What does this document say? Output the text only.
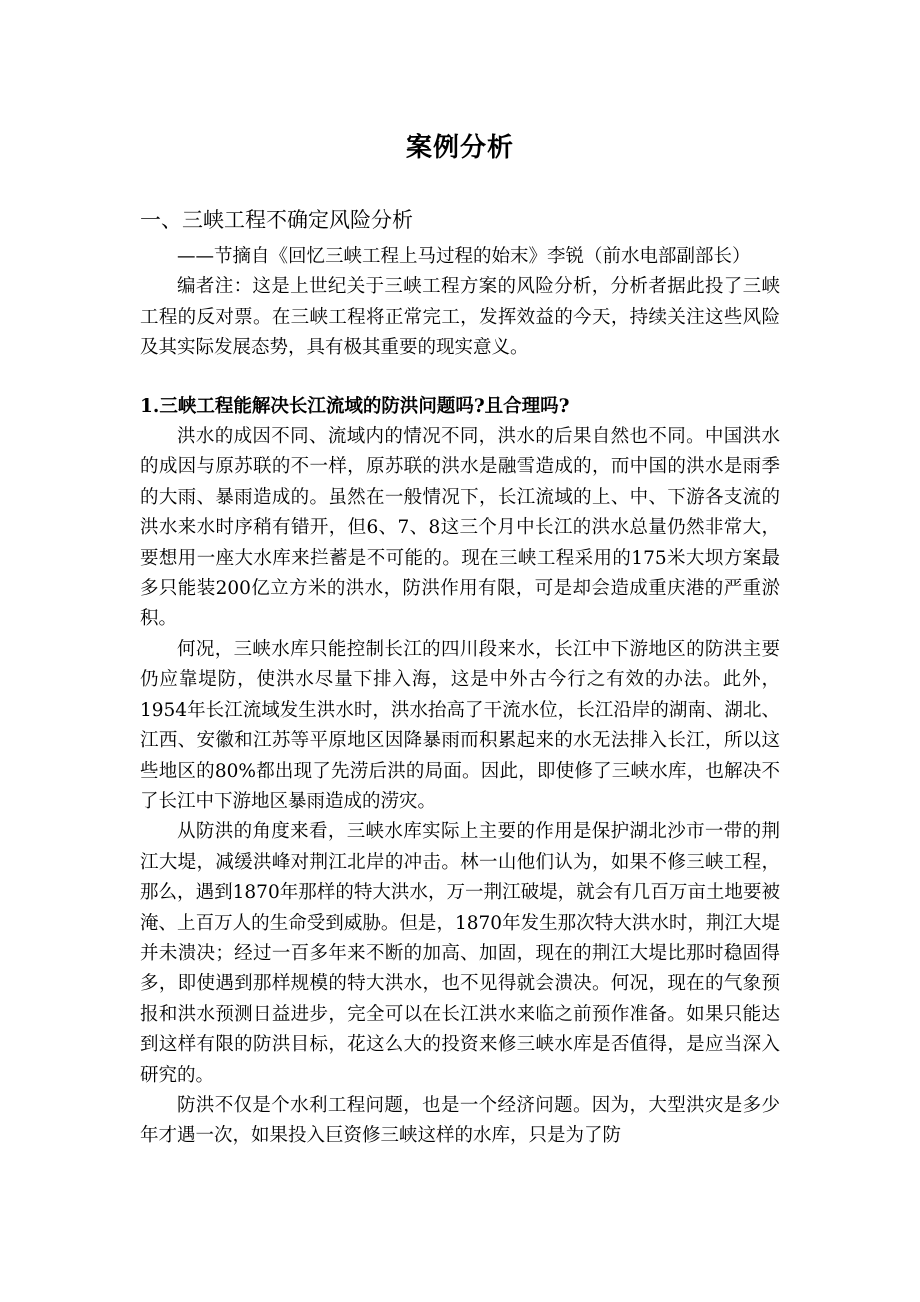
案例分析
一、三峡工程不确定风险分析

——节摘自《回忆三峡工程上马过程的始末》李锐（前水电部副部长）

编者注：这是上世纪关于三峡工程方案的风险分析，分析者据此投了三峡工程的反对票。在三峡工程将正常完工，发挥效益的今天，持续关注这些风险及其实际发展态势，具有极其重要的现实意义。

1.三峡工程能解决长江流域的防洪问题吗?且合理吗?

洪水的成因不同、流域内的情况不同，洪水的后果自然也不同。中国洪水的成因与原苏联的不一样，原苏联的洪水是融雪造成的，而中国的洪水是雨季的大雨、暴雨造成的。虽然在一般情况下，长江流域的上、中、下游各支流的洪水来水时序稍有错开，但6、7、8这三个月中长江的洪水总量仍然非常大，要想用一座大水库来拦蓄是不可能的。现在三峡工程采用的175米大坝方案最多只能装200亿立方米的洪水，防洪作用有限，可是却会造成重庆港的严重淤积。

何况，三峡水库只能控制长江的四川段来水，长江中下游地区的防洪主要仍应靠堤防，使洪水尽量下排入海，这是中外古今行之有效的办法。此外，1954年长江流域发生洪水时，洪水抬高了干流水位，长江沿岸的湖南、湖北、江西、安徽和江苏等平原地区因降暴雨而积累起来的水无法排入长江，所以这些地区的80%都出现了先涝后洪的局面。因此，即使修了三峡水库，也解决不了长江中下游地区暴雨造成的涝灾。

从防洪的角度来看，三峡水库实际上主要的作用是保护湖北沙市一带的荆江大堤，减缓洪峰对荆江北岸的冲击。林一山他们认为，如果不修三峡工程，那么，遇到1870年那样的特大洪水，万一荆江破堤，就会有几百万亩土地要被淹、上百万人的生命受到威胁。但是，1870年发生那次特大洪水时，荆江大堤并未溃决；经过一百多年来不断的加高、加固，现在的荆江大堤比那时稳固得多，即使遇到那样规模的特大洪水，也不见得就会溃决。何况，现在的气象预报和洪水预测日益进步，完全可以在长江洪水来临之前预作准备。如果只能达到这样有限的防洪目标，花这么大的投资来修三峡水库是否值得，是应当深入研究的。

防洪不仅是个水利工程问题，也是一个经济问题。因为，大型洪灾是多少年才遇一次，如果投入巨资修三峡这样的水库，只是为了防
